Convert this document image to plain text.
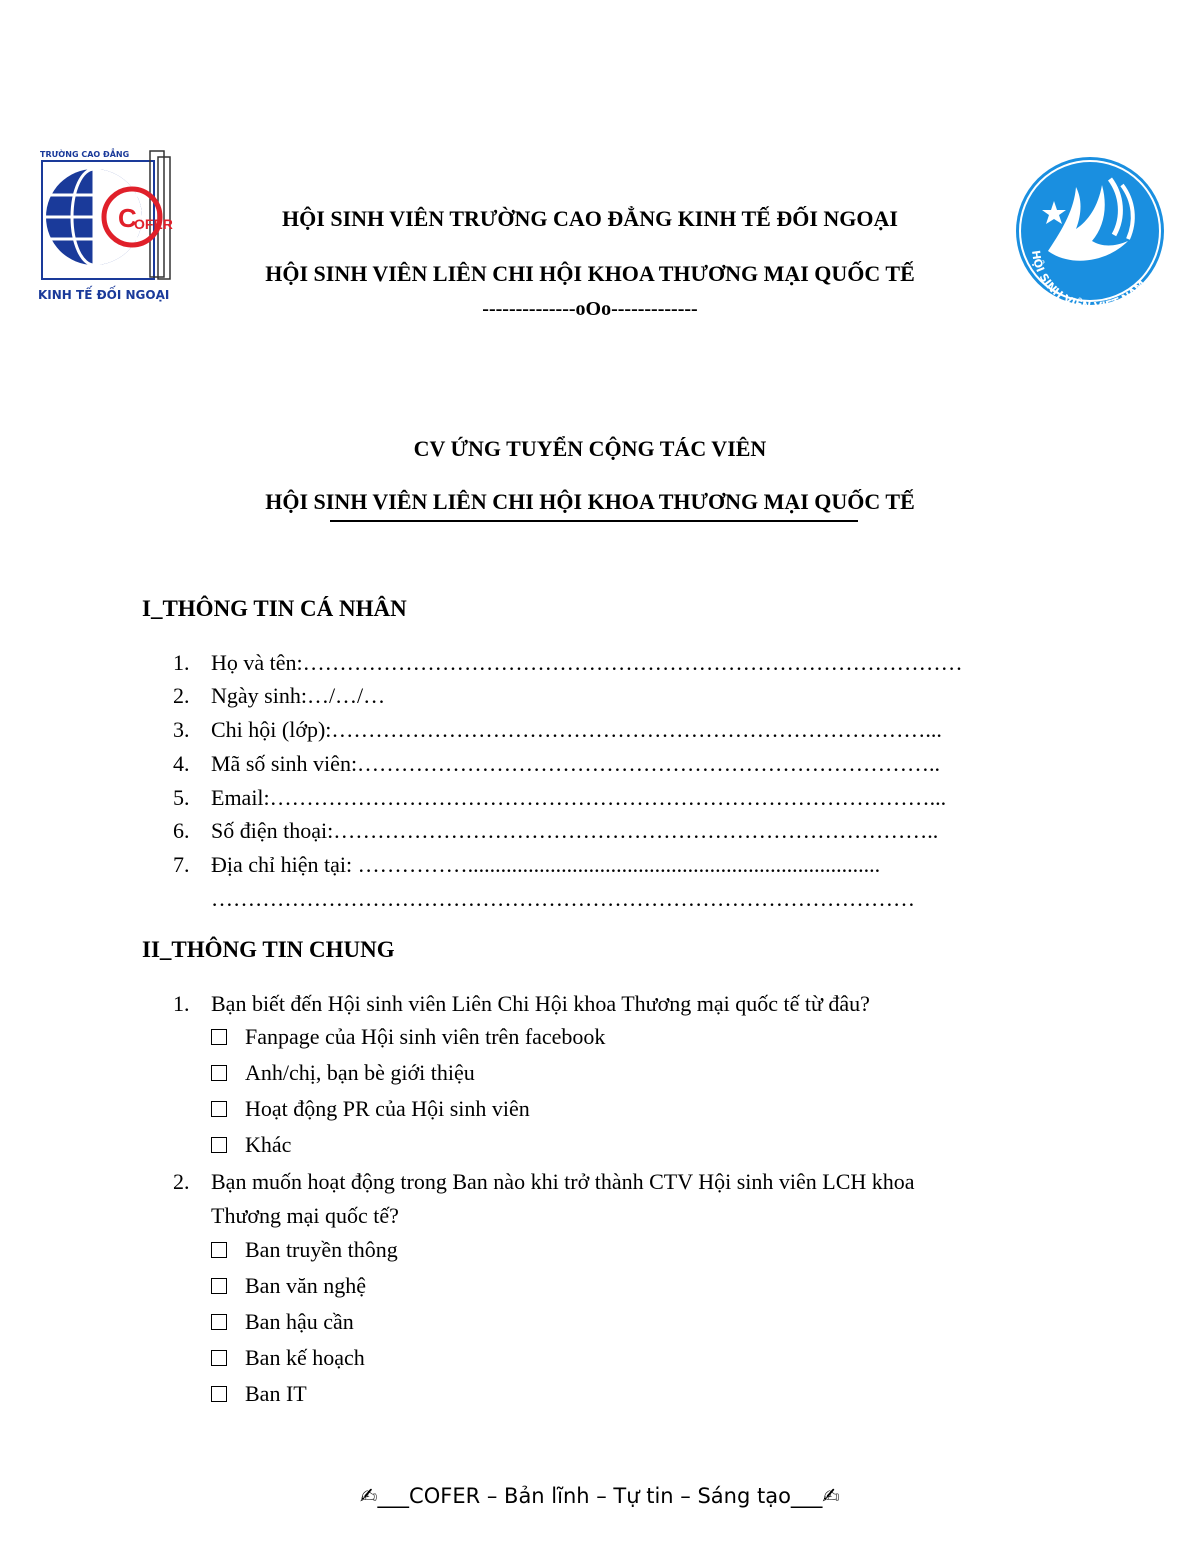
TRƯỜNG CAO ĐẲNG
C
OFER
KINH TẾ ĐỐI NGOẠI
HỘI SINH VIÊN VIỆT NAM
HỘI SINH VIÊN TRƯỜNG CAO ĐẲNG KINH TẾ ĐỐI NGOẠI
HỘI SINH VIÊN LIÊN CHI HỘI KHOA THƯƠNG MẠI QUỐC TẾ
--------------oOo-------------
CV ỨNG TUYỂN CỘNG TÁC VIÊN
HỘI SINH VIÊN LIÊN CHI HỘI KHOA THƯƠNG MẠI QUỐC TẾ
I_THÔNG TIN CÁ NHÂN
1. Họ và tên:………………………………………………………………………………
2. Ngày sinh:…/…/…
3. Chi hội (lớp):………………………………………………………………………...
4. Mã số sinh viên:……………………………………………………………………..
5. Email:………………………………………………………………………………...
6. Số điện thoại:………………………………………………………………………..
7. Địa chỉ hiện tại: ……………...........................................................................
……………………………………………………………………………………
II_THÔNG TIN CHUNG
1. Bạn biết đến Hội sinh viên Liên Chi Hội khoa Thương mại quốc tế từ đâu?
Fanpage của Hội sinh viên trên facebook
Anh/chị, bạn bè giới thiệu
Hoạt động PR của Hội sinh viên
Khác
2. Bạn muốn hoạt động trong Ban nào khi trở thành CTV Hội sinh viên LCH khoa
Thương mại quốc tế?
Ban truyền thông
Ban văn nghệ
Ban hậu cần
Ban kế hoạch
Ban IT
✍___COFER – Bản lĩnh – Tự tin – Sáng tạo___✍
